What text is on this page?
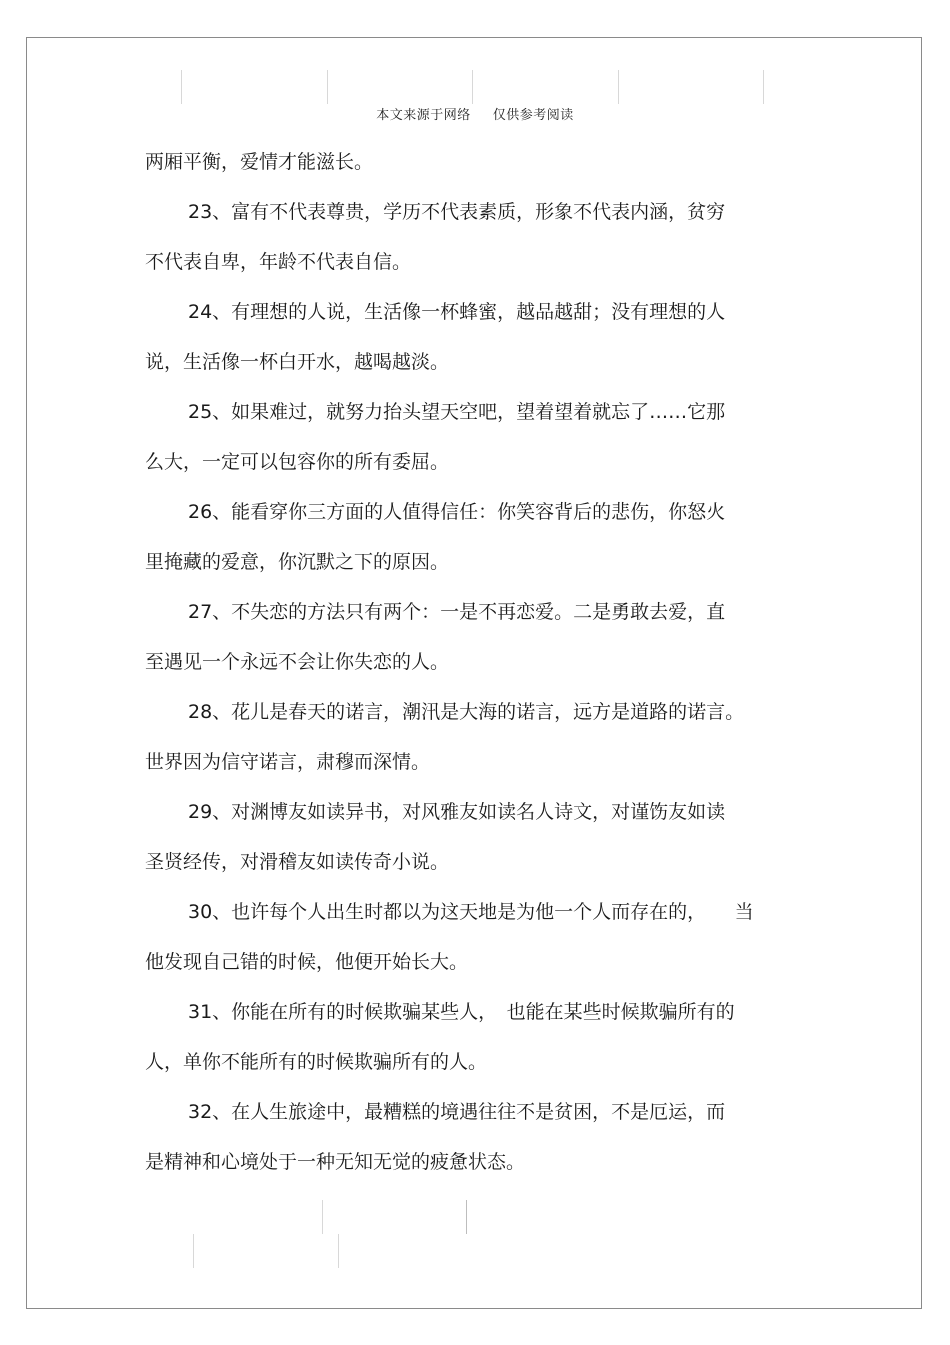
本文来源于网络 仅供参考阅读
两厢平衡，爱情才能滋长。
23、富有不代表尊贵，学历不代表素质，形象不代表内涵，贫穷
不代表自卑，年龄不代表自信。
24、有理想的人说，生活像一杯蜂蜜，越品越甜；没有理想的人
说，生活像一杯白开水，越喝越淡。
25、如果难过，就努力抬头望天空吧，望着望着就忘了……它那
么大，一定可以包容你的所有委屈。
26、能看穿你三方面的人值得信任：你笑容背后的悲伤，你怒火
里掩藏的爱意，你沉默之下的原因。
27、不失恋的方法只有两个：一是不再恋爱。二是勇敢去爱，直
至遇见一个永远不会让你失恋的人。
28、花儿是春天的诺言，潮汛是大海的诺言，远方是道路的诺言。
世界因为信守诺言，肃穆而深情。
29、对渊博友如读异书，对风雅友如读名人诗文，对谨饬友如读
圣贤经传，对滑稽友如读传奇小说。
30、也许每个人出生时都以为这天地是为他一个人而存在的，　　当
他发现自己错的时候，他便开始长大。
31、你能在所有的时候欺骗某些人，　也能在某些时候欺骗所有的
人，单你不能所有的时候欺骗所有的人。
32、在人生旅途中，最糟糕的境遇往往不是贫困，不是厄运，而
是精神和心境处于一种无知无觉的疲惫状态。
